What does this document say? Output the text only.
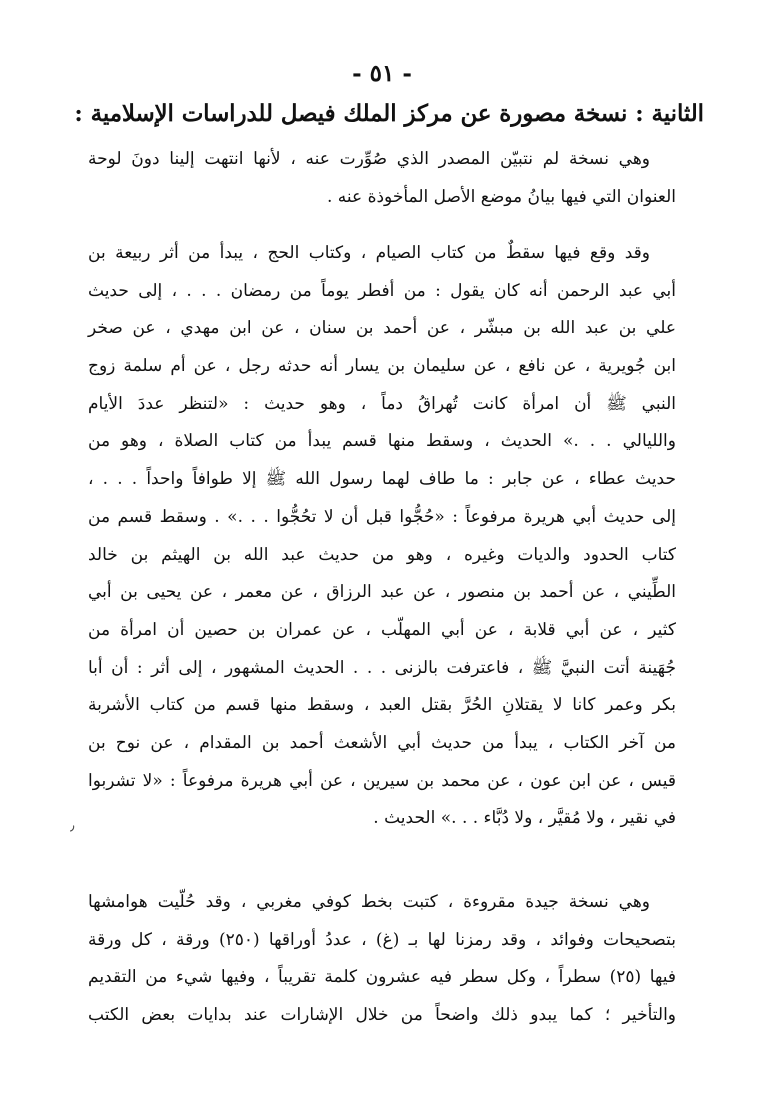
- ٥١ -
الثانية : نسخة مصورة عن مركز الملك فيصل للدراسات الإسلامية :
وهي نسخة لم نتبيّن المصدر الذي صُوِّرت عنه ، لأنها انتهت إلينا دونَ لوحة
العنوان التي فيها بيانُ موضع الأصل المأخوذة عنه .
وقد وقع فيها سقطٌ من كتاب الصيام ، وكتاب الحج ، يبدأ من أثر ربيعة بن
أبي عبد الرحمن أنه كان يقول : من أفطر يوماً من رمضان . . . ، إلى حديث
علي بن عبد الله بن مبشّر ، عن أحمد بن سنان ، عن ابن مهدي ، عن صخر
ابن جُويرية ، عن نافع ، عن سليمان بن يسار أنه حدثه رجل ، عن أم سلمة زوج
النبي ﷺ أن امرأة كانت تُهراقُ دماً ، وهو حديث : «لتنظر عددَ الأيام
والليالي . . .» الحديث ، وسقط منها قسم يبدأ من كتاب الصلاة ، وهو من
حديث عطاء ، عن جابر : ما طاف لهما رسول الله ﷺ إلا طوافاً واحداً . . . ،
إلى حديث أبي هريرة مرفوعاً : «حُجُّوا قبل أن لا تحُجُّوا . . .» . وسقط قسم من
كتاب الحدود والديات وغيره ، وهو من حديث عبد الله بن الهيثم بن خالد
الطِّيني ، عن أحمد بن منصور ، عن عبد الرزاق ، عن معمر ، عن يحيى بن أبي
كثير ، عن أبي قلابة ، عن أبي المهلّب ، عن عمران بن حصين أن امرأة من
جُهَينة أتت النبيَّ ﷺ ، فاعترفت بالزنى . . . الحديث المشهور ، إلى أثر : أن أبا
بكر وعمر كانا لا يقتلانِ الحُرَّ بقتل العبد ، وسقط منها قسم من كتاب الأشربة
من آخر الكتاب ، يبدأ من حديث أبي الأشعث أحمد بن المقدام ، عن نوح بن
قيس ، عن ابن عون ، عن محمد بن سيرين ، عن أبي هريرة مرفوعاً : «لا تشربوا
في نقير ، ولا مُقيَّر ، ولا دُبَّاء . . .» الحديث .
٫
وهي نسخة جيدة مقروءة ، كتبت بخط كوفي مغربي ، وقد حُلّيت هوامشها
بتصحيحات وفوائد ، وقد رمزنا لها بـ (غ) ، عددُ أوراقها (٢٥٠) ورقة ، كل ورقة
فيها (٢٥) سطراً ، وكل سطر فيه عشرون كلمة تقريباً ، وفيها شيء من التقديم
والتأخير ؛ كما يبدو ذلك واضحاً من خلال الإشارات عند بدايات بعض الكتب
